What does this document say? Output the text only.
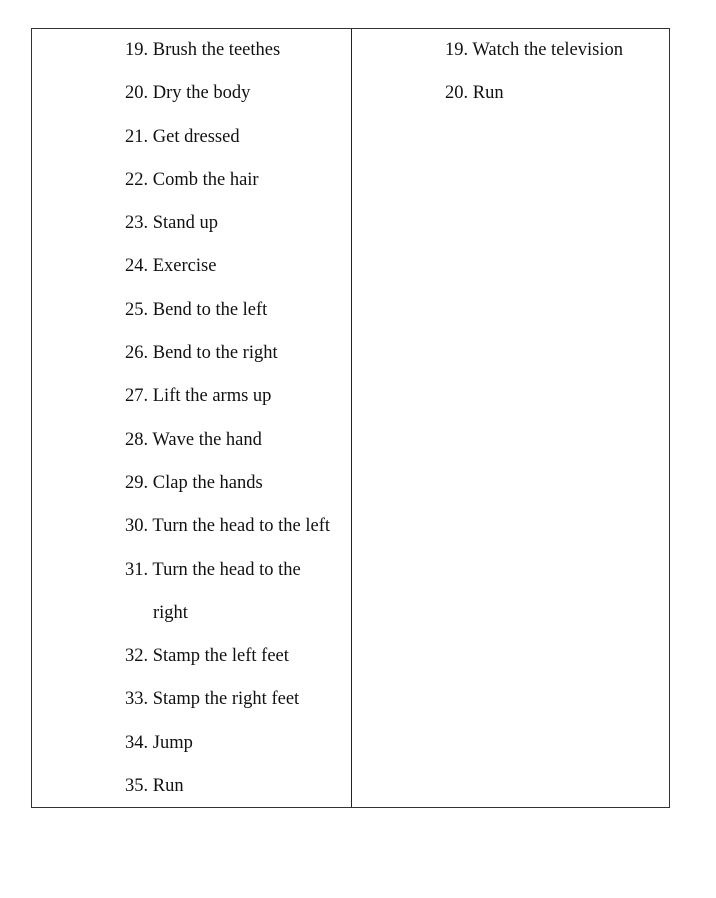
19. Brush the teethes
20. Dry the body
21. Get dressed
22. Comb the hair
23. Stand up
24. Exercise
25. Bend to the left
26. Bend to the right
27. Lift the arms up
28. Wave the hand
29. Clap the hands
30. Turn the head to the left
31. Turn the head to the
right
32. Stamp the left feet
33. Stamp the right feet
34. Jump
35. Run
19. Watch the television
20. Run
